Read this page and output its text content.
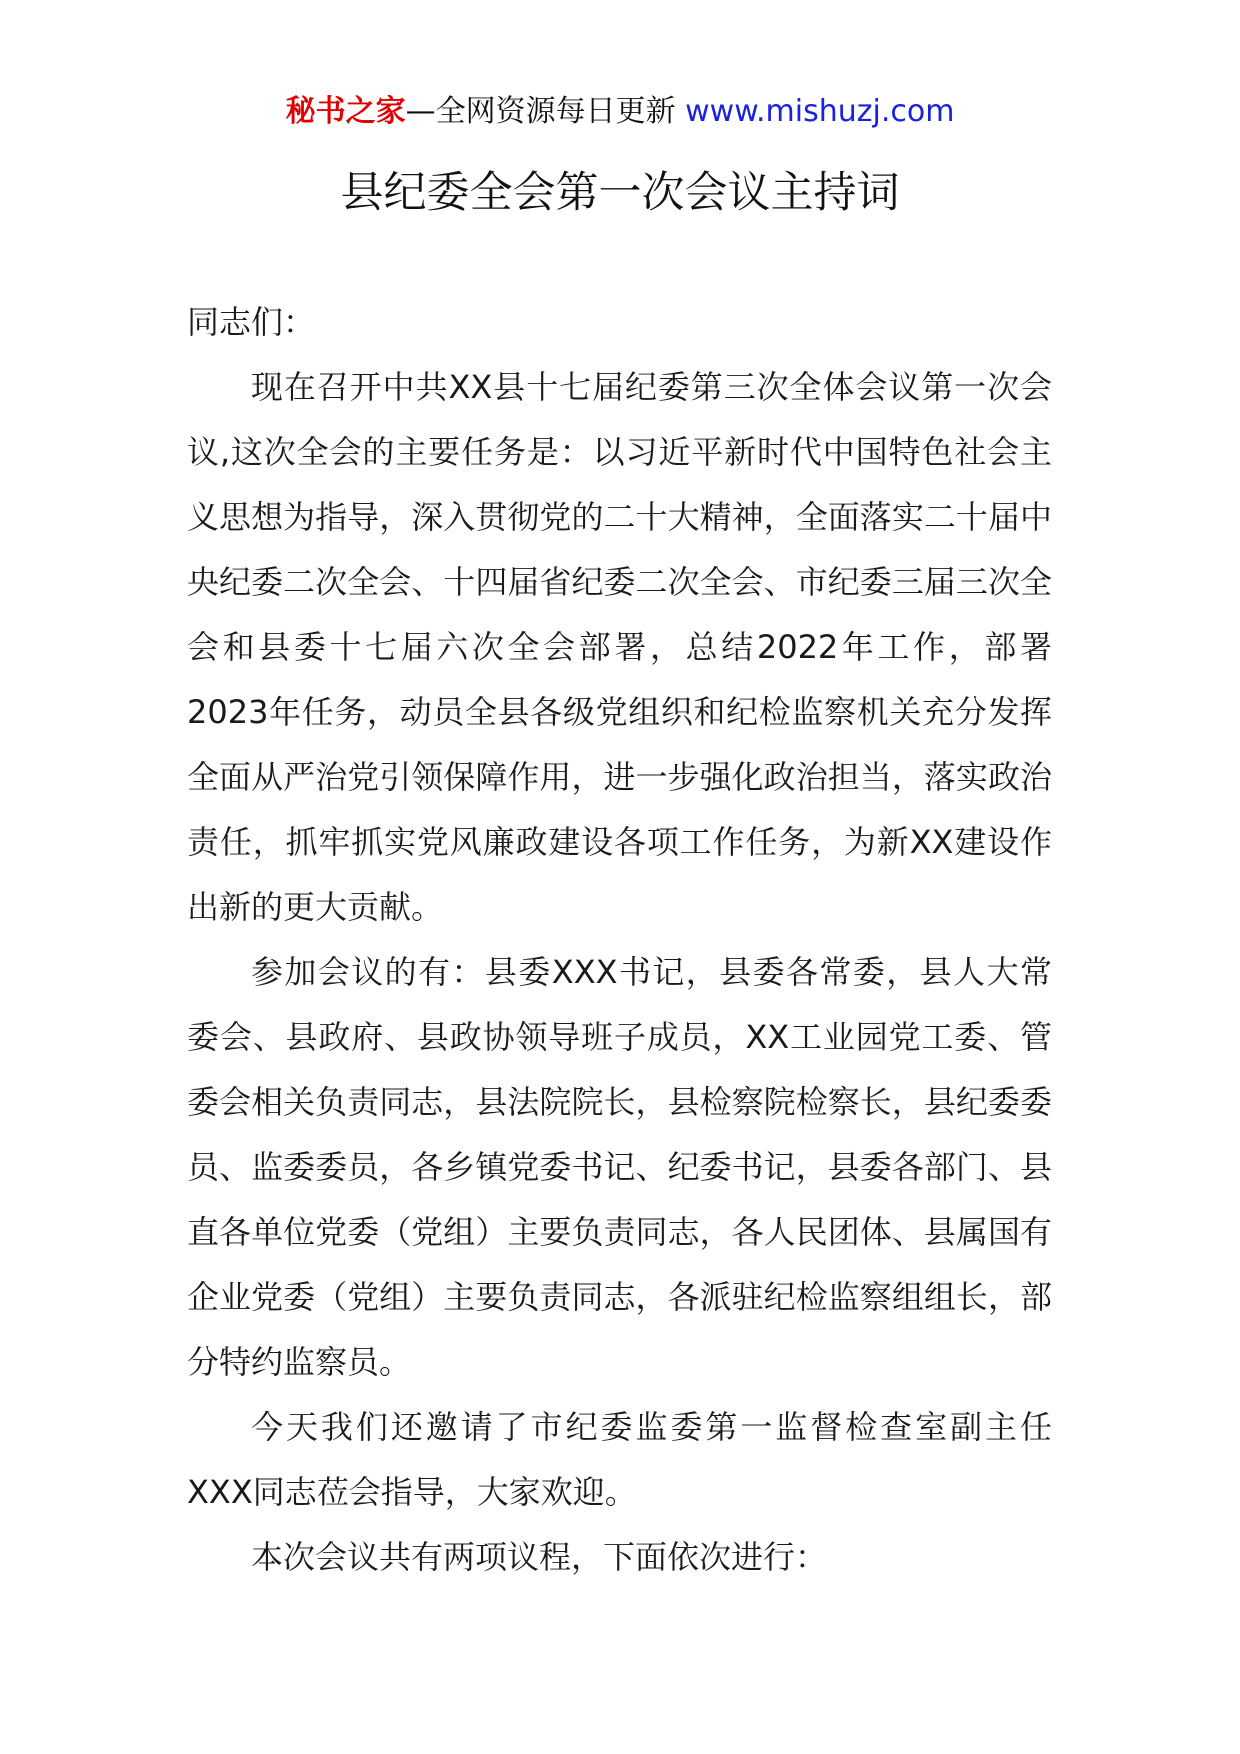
秘书之家—全网资源每日更新 www.mishuzj.com
县纪委全会第一次会议主持词

同志们：

现在召开中共XX县十七届纪委第三次全体会议第一次会议,这次全会的主要任务是：以习近平新时代中国特色社会主义思想为指导，深入贯彻党的二十大精神，全面落实二十届中央纪委二次全会、十四届省纪委二次全会、市纪委三届三次全会和县委十七届六次全会部署，总结2022年工作，部署2023年任务，动员全县各级党组织和纪检监察机关充分发挥全面从严治党引领保障作用，进一步强化政治担当，落实政治责任，抓牢抓实党风廉政建设各项工作任务，为新XX建设作出新的更大贡献。

参加会议的有：县委XXX书记，县委各常委，县人大常委会、县政府、县政协领导班子成员，XX工业园党工委、管委会相关负责同志，县法院院长，县检察院检察长，县纪委委员、监委委员，各乡镇党委书记、纪委书记，县委各部门、县直各单位党委（党组）主要负责同志，各人民团体、县属国有企业党委（党组）主要负责同志，各派驻纪检监察组组长，部分特约监察员。

今天我们还邀请了市纪委监委第一监督检查室副主任XXX同志莅会指导，大家欢迎。

本次会议共有两项议程，下面依次进行：
